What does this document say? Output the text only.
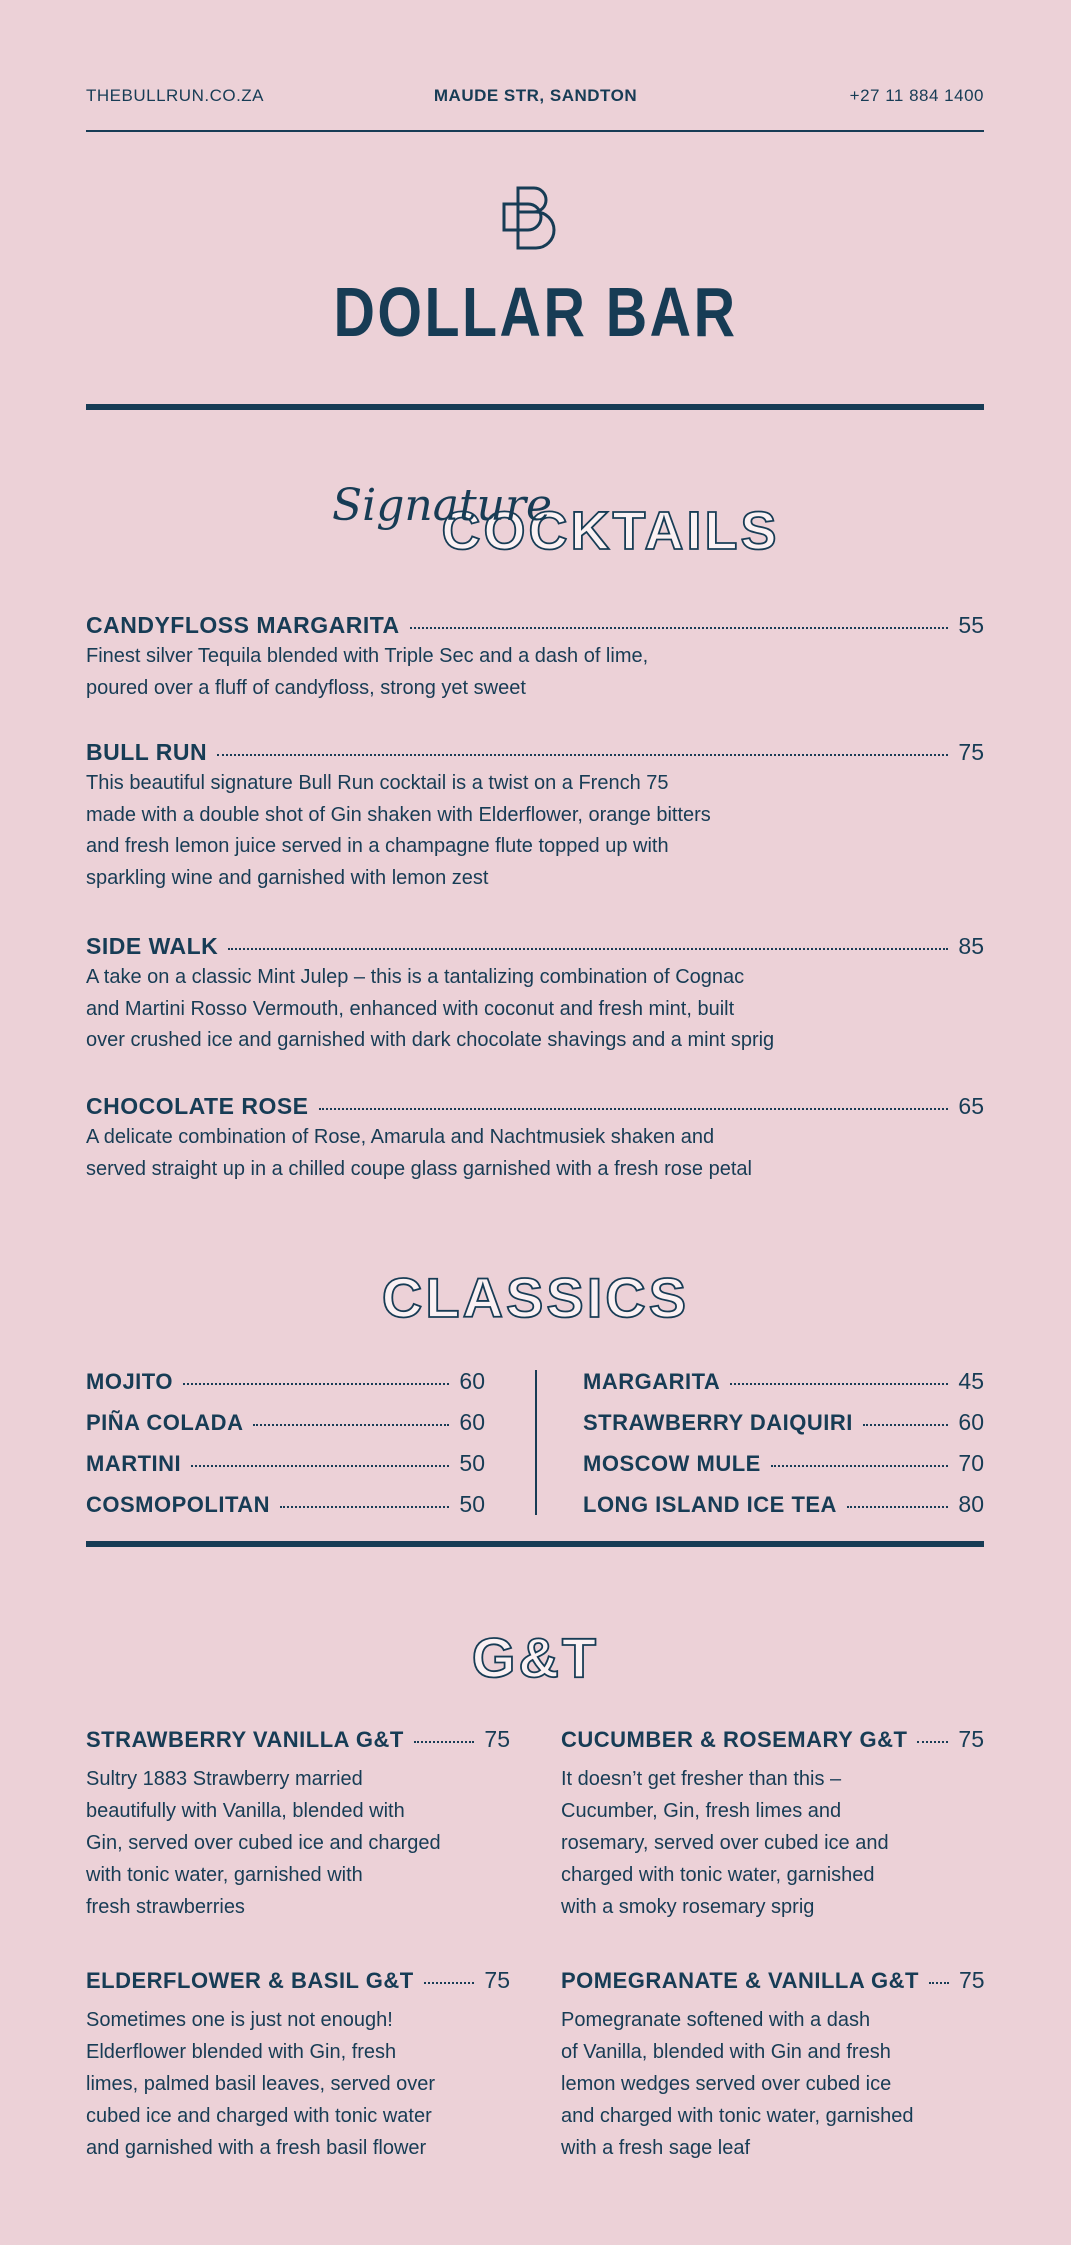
THEBULLRUN.CO.ZA	MAUDE STR, SANDTON	+27 11 884 1400
DOLLAR BAR
COCKTAILS
Signature
CANDYFLOSS MARGARITA	55
Finest silver Tequila blended with Triple Sec and a dash of lime,
poured over a fluff of candyfloss, strong yet sweet
BULL RUN	75
This beautiful signature Bull Run cocktail is a twist on a French 75
made with a double shot of Gin shaken with Elderflower, orange bitters
and fresh lemon juice served in a champagne flute topped up with
sparkling wine and garnished with lemon zest
SIDE WALK	85
A take on a classic Mint Julep – this is a tantalizing combination of Cognac
and Martini Rosso Vermouth, enhanced with coconut and fresh mint, built
over crushed ice and garnished with dark chocolate shavings and a mint sprig
CHOCOLATE ROSE	65
A delicate combination of Rose, Amarula and Nachtmusiek shaken and
served straight up in a chilled coupe glass garnished with a fresh rose petal
CLASSICS
MOJITO	60	MARGARITA	45
PIÑA COLADA	60	STRAWBERRY DAIQUIRI	60
MARTINI	50	MOSCOW MULE	70
COSMOPOLITAN	50	LONG ISLAND ICE TEA	80
G&T
STRAWBERRY VANILLA G&T	75
Sultry 1883 Strawberry married
beautifully with Vanilla, blended with
Gin, served over cubed ice and charged
with tonic water, garnished with
fresh strawberries
CUCUMBER & ROSEMARY G&T 75
It doesn’t get fresher than this –
Cucumber, Gin, fresh limes and
rosemary, served over cubed ice and
charged with tonic water, garnished
with a smoky rosemary sprig
ELDERFLOWER & BASIL G&T	75
Sometimes one is just not enough!
Elderflower blended with Gin, fresh
limes, palmed basil leaves, served over
cubed ice and charged with tonic water
and garnished with a fresh basil flower
POMEGRANATE & VANILLA G&T 75
Pomegranate softened with a dash
of Vanilla, blended with Gin and fresh
lemon wedges served over cubed ice
and charged with tonic water, garnished
with a fresh sage leaf
